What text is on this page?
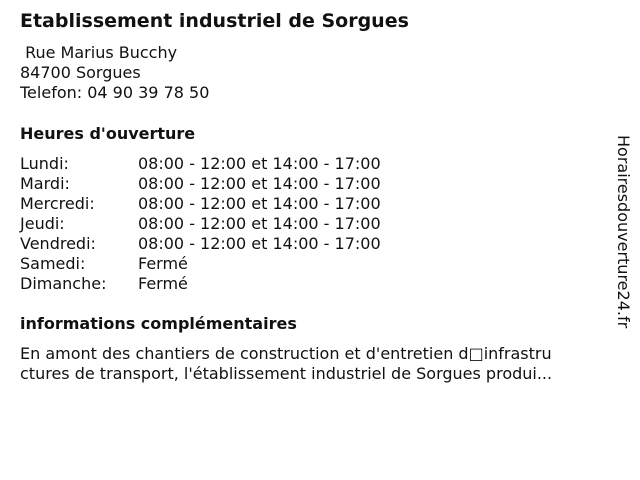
Etablissement industriel de Sorgues
Rue Marius Bucchy
84700 Sorgues
Telefon: 04 90 39 78 50
Heures d'ouverture
Lundi:	08:00 - 12:00 et 14:00 - 17:00
Mardi:	08:00 - 12:00 et 14:00 - 17:00
Mercredi:	08:00 - 12:00 et 14:00 - 17:00
Jeudi:	08:00 - 12:00 et 14:00 - 17:00
Vendredi:	08:00 - 12:00 et 14:00 - 17:00
Samedi:	Fermé
Dimanche: Fermé
informations complémentaires
En amont des chantiers de construction et d'entretien d□infrastru
ctures de transport, l'établissement industriel de Sorgues produi...
Horairesdouverture24.fr
